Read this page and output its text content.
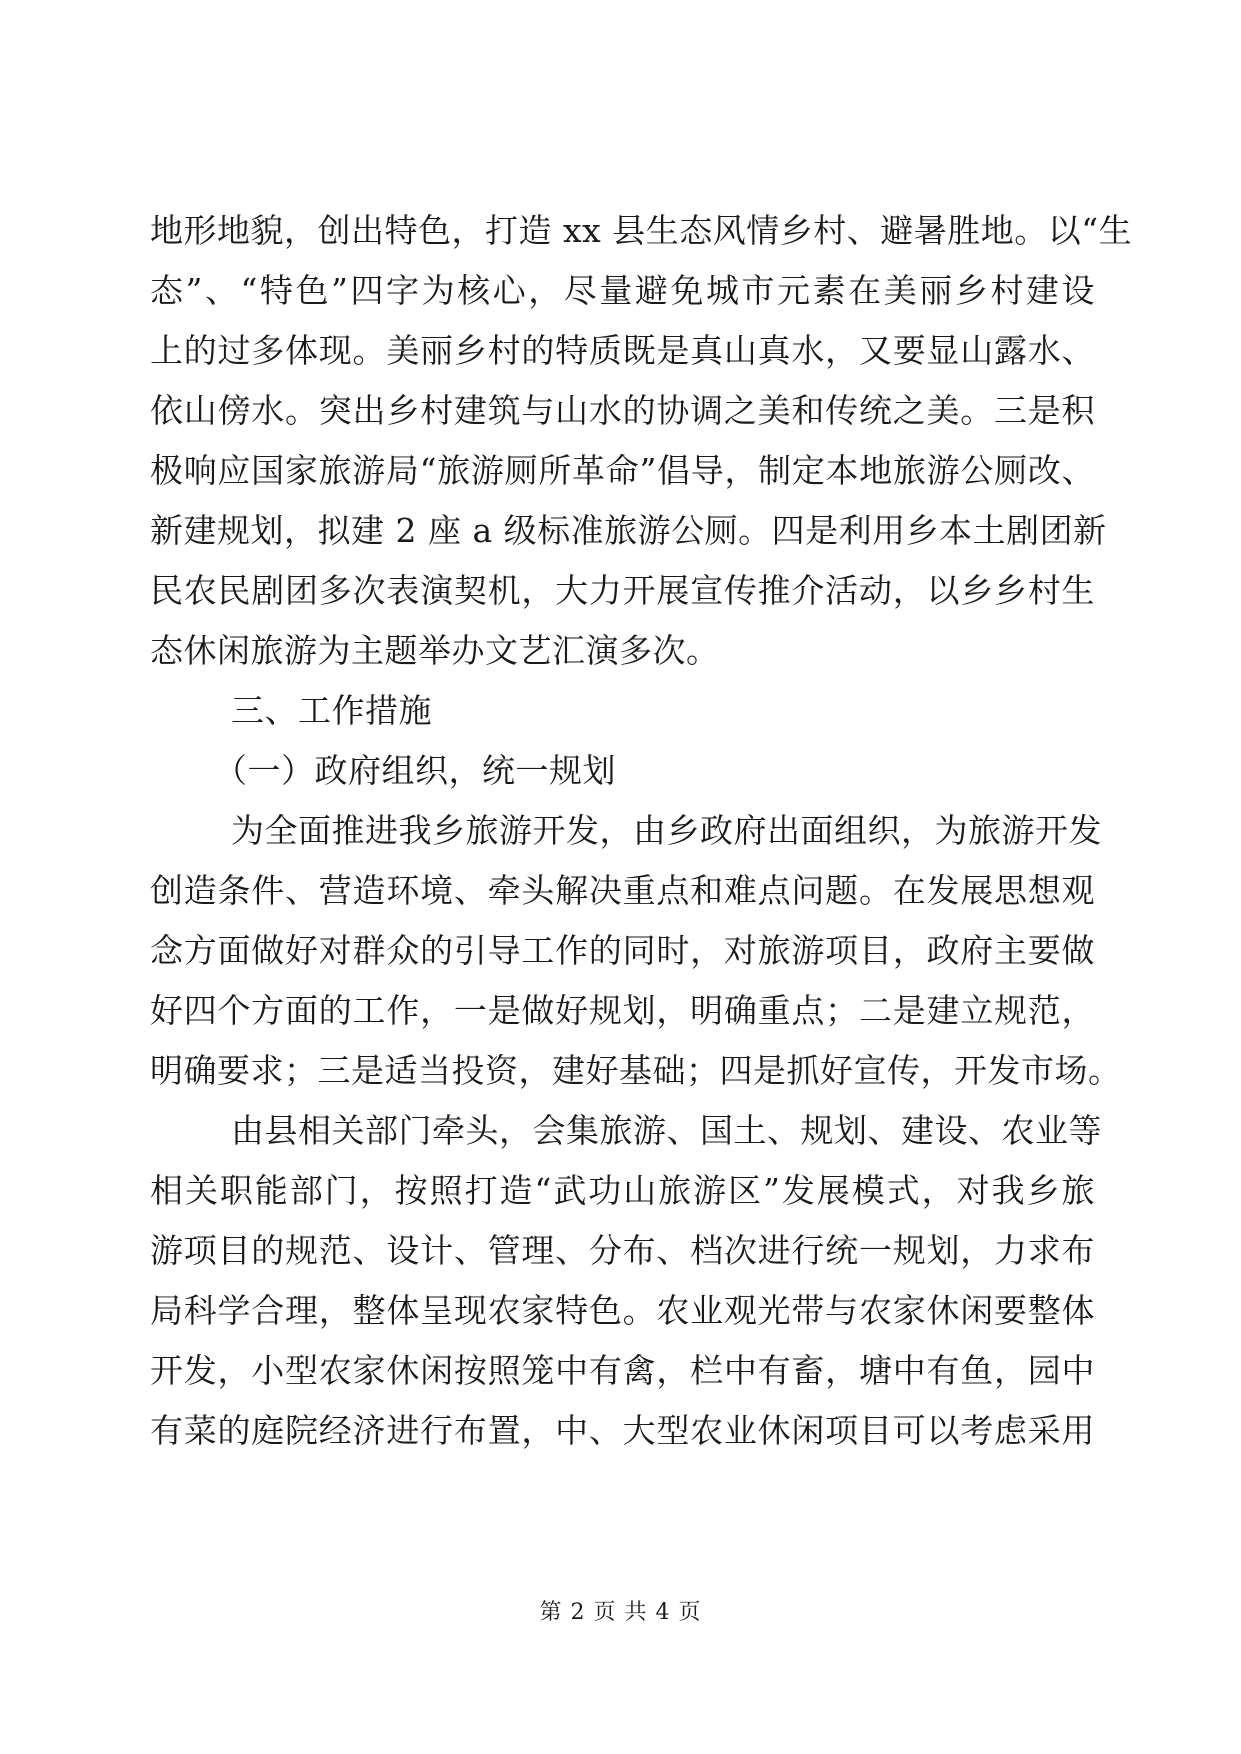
地形地貌，创出特色，打造 xx 县生态风情乡村、避暑胜地。以“生
态”、“特色”四字为核心，尽量避免城市元素在美丽乡村建设
上的过多体现。美丽乡村的特质既是真山真水，又要显山露水、
依山傍水。突出乡村建筑与山水的协调之美和传统之美。三是积
极响应国家旅游局“旅游厕所革命”倡导，制定本地旅游公厕改、
新建规划，拟建 2 座 a 级标准旅游公厕。四是利用乡本土剧团新
民农民剧团多次表演契机，大力开展宣传推介活动，以乡乡村生
态休闲旅游为主题举办文艺汇演多次。
三、工作措施
（一）政府组织，统一规划
为全面推进我乡旅游开发，由乡政府出面组织，为旅游开发
创造条件、营造环境、牵头解决重点和难点问题。在发展思想观
念方面做好对群众的引导工作的同时，对旅游项目，政府主要做
好四个方面的工作，一是做好规划，明确重点；二是建立规范，
明确要求；三是适当投资，建好基础；四是抓好宣传，开发市场。
由县相关部门牵头，会集旅游、国土、规划、建设、农业等
相关职能部门，按照打造“武功山旅游区”发展模式，对我乡旅
游项目的规范、设计、管理、分布、档次进行统一规划，力求布
局科学合理，整体呈现农家特色。农业观光带与农家休闲要整体
开发，小型农家休闲按照笼中有禽，栏中有畜，塘中有鱼，园中
有菜的庭院经济进行布置，中、大型农业休闲项目可以考虑采用
第 2 页 共 4 页
